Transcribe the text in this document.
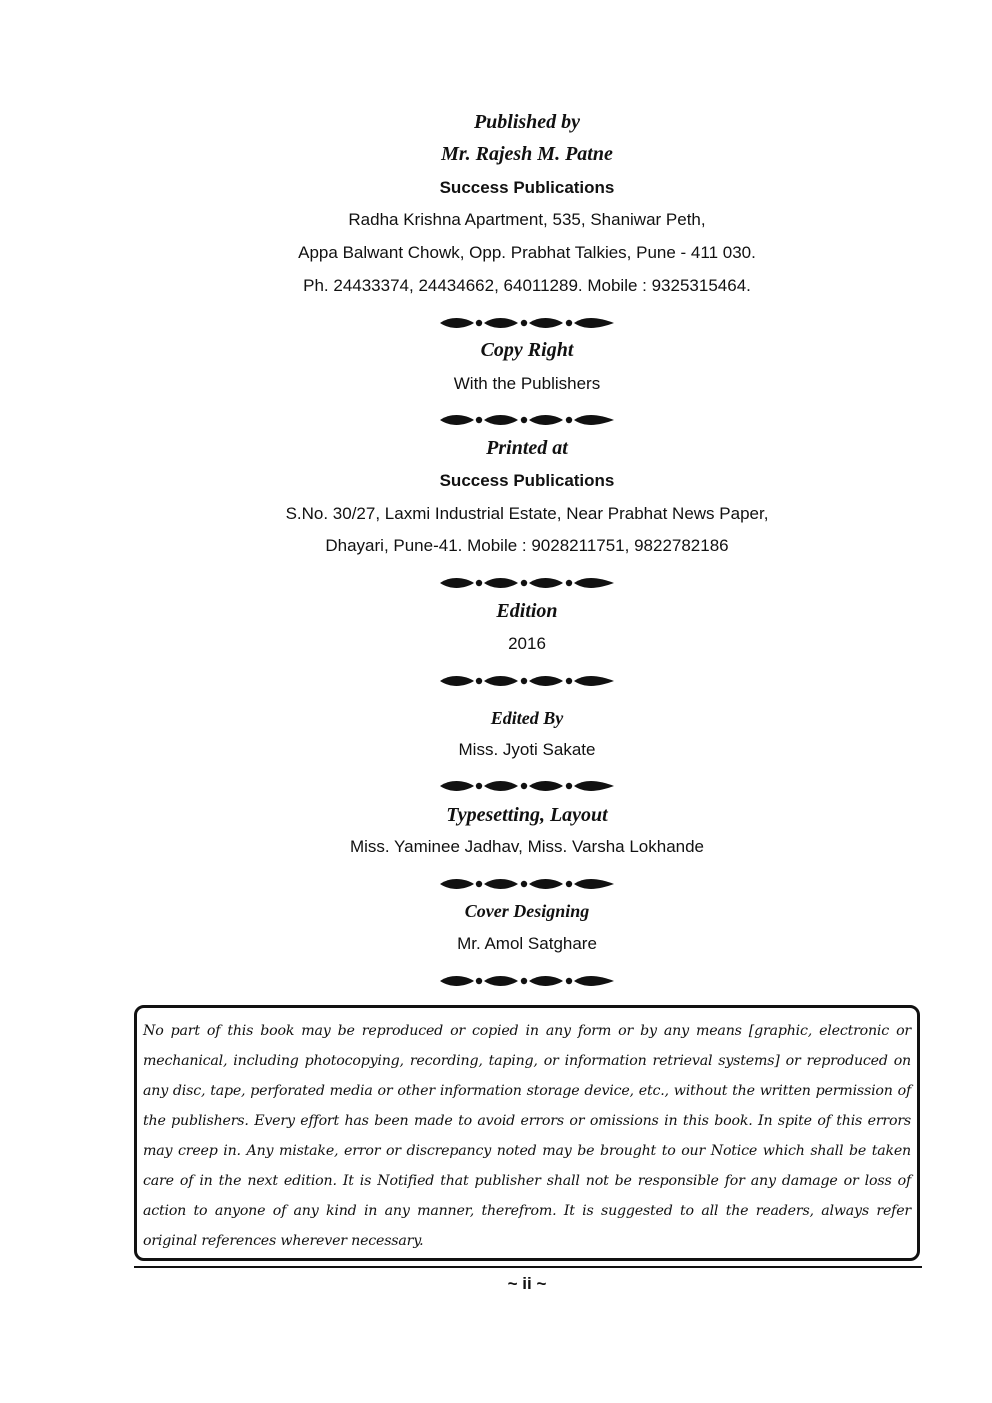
Published by
Mr. Rajesh M. Patne
Success Publications
Radha Krishna Apartment, 535, Shaniwar Peth,
Appa Balwant Chowk, Opp. Prabhat Talkies, Pune - 411 030.
Ph. 24433374, 24434662, 64011289. Mobile : 9325315464.
Copy Right
With the Publishers
Printed at
Success Publications
S.No. 30/27, Laxmi Industrial Estate, Near Prabhat News Paper,
Dhayari, Pune-41. Mobile : 9028211751, 9822782186
Edition
2016
Edited By
Miss. Jyoti Sakate
Typesetting, Layout
Miss. Yaminee Jadhav, Miss. Varsha Lokhande
Cover Designing
Mr. Amol Satghare

No part of this book may be reproduced or copied in any form or by any means [graphic, electronic or mechanical, including photocopying, recording, taping, or information retrieval systems] or reproduced on any disc, tape, perforated media or other information storage device, etc., without the written permission of the publishers. Every effort has been made to avoid errors or omissions in this book. In spite of this errors may creep in. Any mistake, error or discrepancy noted may be brought to our Notice which shall be taken care of in the next edition. It is Notified that publisher shall not be responsible for any damage or loss of action to anyone of any kind in any manner, therefrom. It is suggested to all the readers, always refer original references wherever necessary.

~ ii ~
